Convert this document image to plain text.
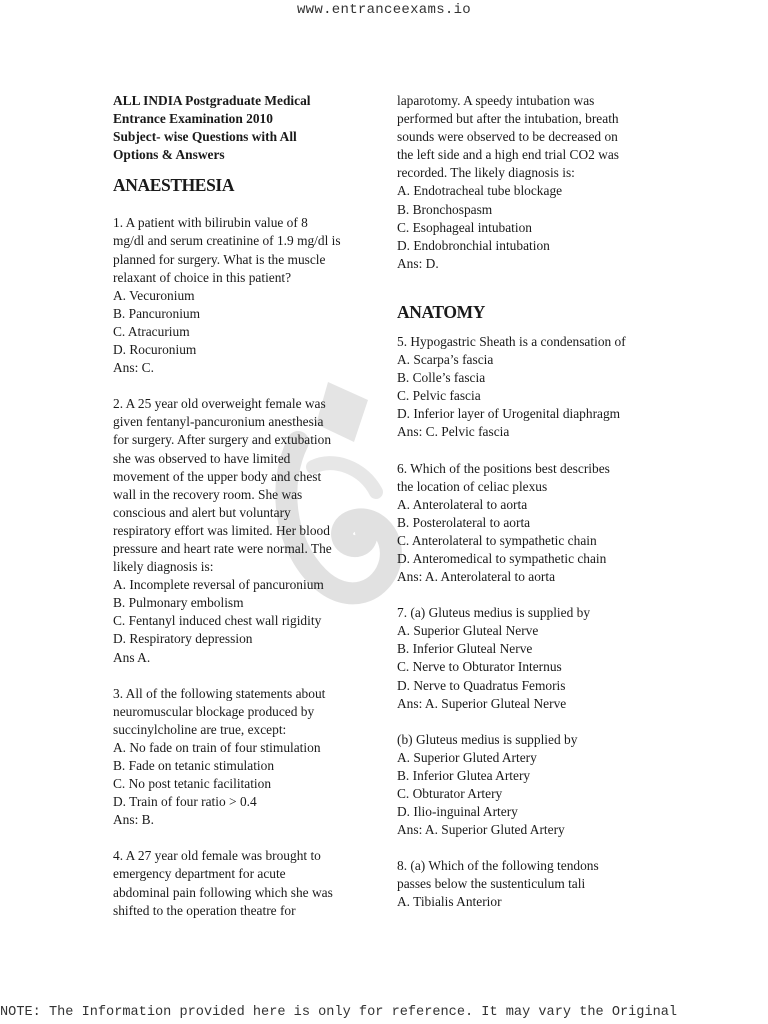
www.entranceexams.io
ALL INDIA Postgraduate Medical
Entrance Examination 2010
Subject- wise Questions with All
Options & Answers
ANAESTHESIA
1. A patient with bilirubin value of 8
mg/dl and serum creatinine of 1.9 mg/dl is
planned for surgery. What is the muscle
relaxant of choice in this patient?
A. Vecuronium
B. Pancuronium
C. Atracurium
D. Rocuronium
Ans: C.
2. A 25 year old overweight female was
given fentanyl-pancuronium anesthesia
for surgery. After surgery and extubation
she was observed to have limited
movement of the upper body and chest
wall in the recovery room. She was
conscious and alert but voluntary
respiratory effort was limited. Her blood
pressure and heart rate were normal. The
likely diagnosis is:
A. Incomplete reversal of pancuronium
B. Pulmonary embolism
C. Fentanyl induced chest wall rigidity
D. Respiratory depression
Ans A.
3. All of the following statements about
neuromuscular blockage produced by
succinylcholine are true, except:
A. No fade on train of four stimulation
B. Fade on tetanic stimulation
C. No post tetanic facilitation
D. Train of four ratio > 0.4
Ans: B.
4. A 27 year old female was brought to
emergency department for acute
abdominal pain following which she was
shifted to the operation theatre for
laparotomy. A speedy intubation was
performed but after the intubation, breath
sounds were observed to be decreased on
the left side and a high end trial CO2 was
recorded. The likely diagnosis is:
A. Endotracheal tube blockage
B. Bronchospasm
C. Esophageal intubation
D. Endobronchial intubation
Ans: D.
ANATOMY
5. Hypogastric Sheath is a condensation of
A. Scarpa’s fascia
B. Colle’s fascia
C. Pelvic fascia
D. Inferior layer of Urogenital diaphragm
Ans: C. Pelvic fascia
6. Which of the positions best describes
the location of celiac plexus
A. Anterolateral to aorta
B. Posterolateral to aorta
C. Anterolateral to sympathetic chain
D. Anteromedical to sympathetic chain
Ans: A. Anterolateral to aorta
7. (a) Gluteus medius is supplied by
A. Superior Gluteal Nerve
B. Inferior Gluteal Nerve
C. Nerve to Obturator Internus
D. Nerve to Quadratus Femoris
Ans: A. Superior Gluteal Nerve
(b) Gluteus medius is supplied by
A. Superior Gluted Artery
B. Inferior Glutea Artery
C. Obturator Artery
D. Ilio-inguinal Artery
Ans: A. Superior Gluted Artery
8. (a) Which of the following tendons
passes below the sustenticulum tali
A. Tibialis Anterior
NOTE: The Information provided here is only for reference. It may vary the Original
